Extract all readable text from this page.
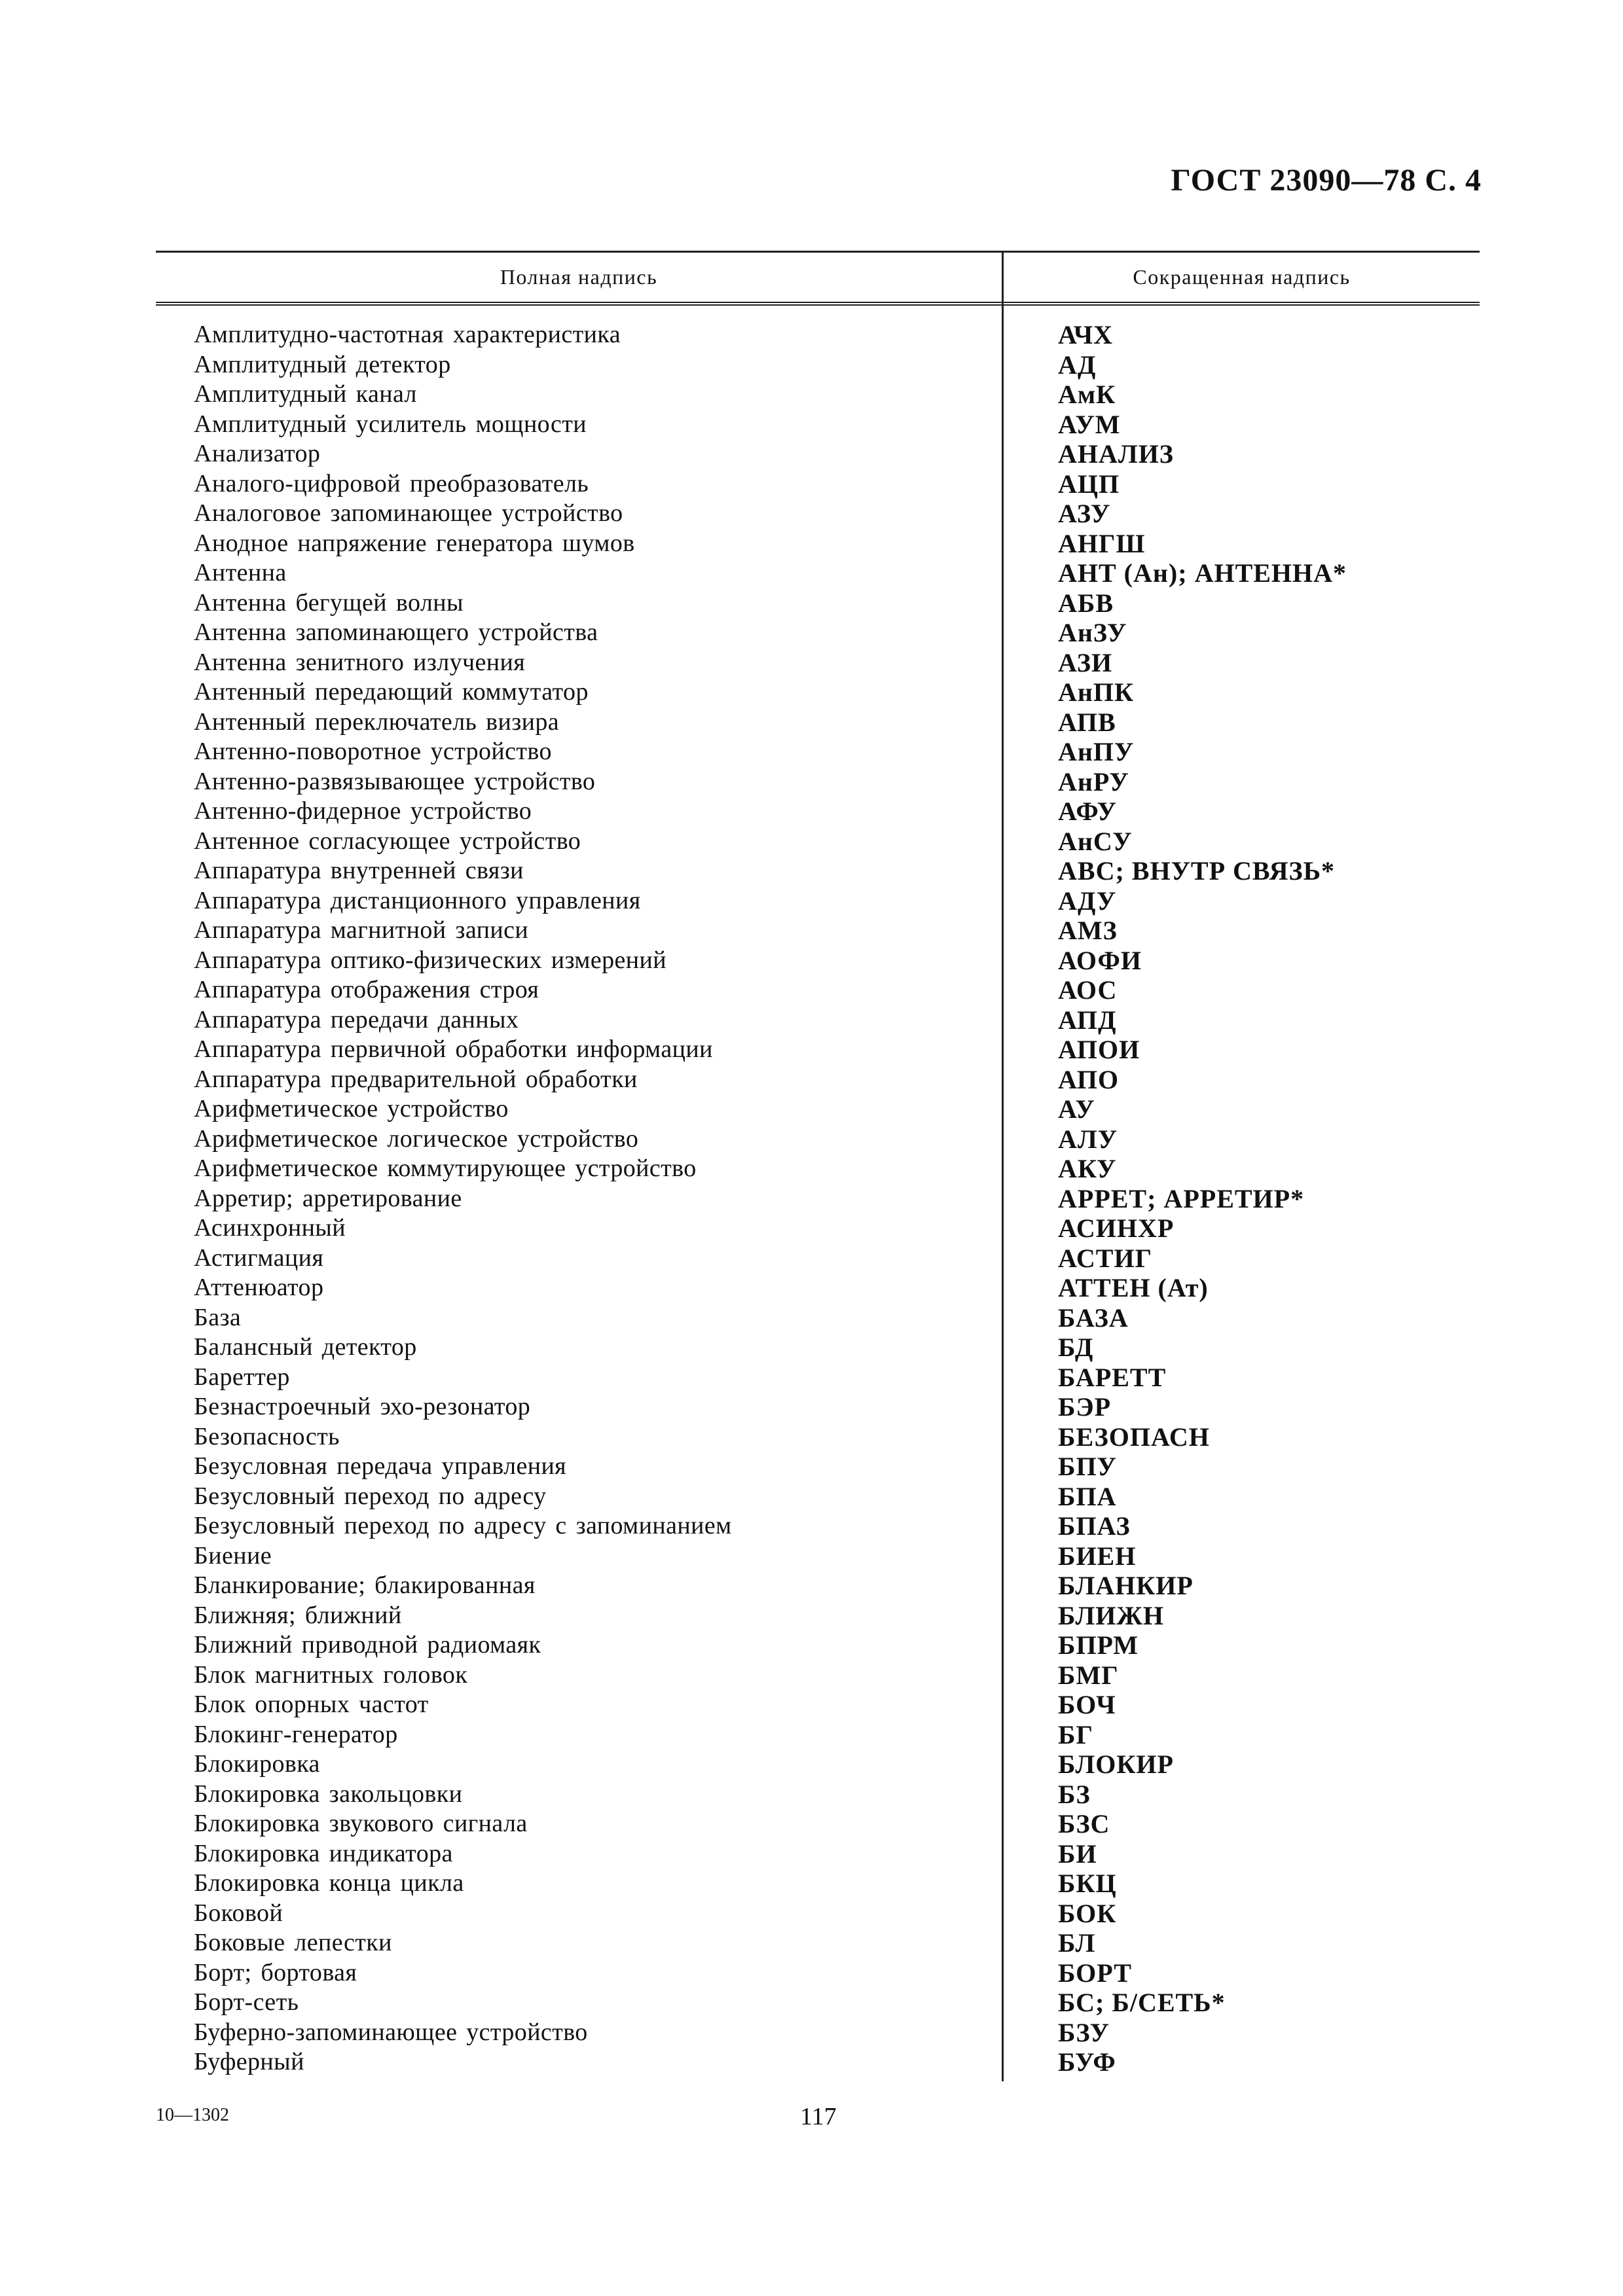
ГОСТ 23090—78 С. 4
Полная надпись	Сокращенная надпись
Амплитудно-частотная характеристика	АЧХ
Амплитудный детектор	АД
Амплитудный канал	АмК
Амплитудный усилитель мощности	АУМ
Анализатор	АНАЛИЗ
Аналого-цифровой преобразователь	АЦП
Аналоговое запоминающее устройство	АЗУ
Анодное напряжение генератора шумов	АНГШ
Антенна	АНТ (Ан); АНТЕННА*
Антенна бегущей волны	АБВ
Антенна запоминающего устройства	АнЗУ
Антенна зенитного излучения	АЗИ
Антенный передающий коммутатор	АнПК
Антенный переключатель визира	АПВ
Антенно-поворотное устройство	АнПУ
Антенно-развязывающее устройство	АнРУ
Антенно-фидерное устройство	АФУ
Антенное согласующее устройство	АнСУ
Аппаратура внутренней связи	АВС; ВНУТР СВЯЗЬ*
Аппаратура дистанционного управления	АДУ
Аппаратура магнитной записи	АМЗ
Аппаратура оптико-физических измерений	АОФИ
Аппаратура отображения строя	АОС
Аппаратура передачи данных	АПД
Аппаратура первичной обработки информации	АПОИ
Аппаратура предварительной обработки	АПО
Арифметическое устройство	АУ
Арифметическое логическое устройство	АЛУ
Арифметическое коммутирующее устройство	АКУ
Арретир; арретирование	АРРЕТ; АРРЕТИР*
Асинхронный	АСИНХР
Астигмация	АСТИГ
Аттенюатор	АТТЕН (Ат)
База	БАЗА
Балансный детектор	БД
Бареттер	БАРЕТТ
Безнастроечный эхо-резонатор	БЭР
Безопасность	БЕЗОПАСН
Безусловная передача управления	БПУ
Безусловный переход по адресу	БПА
Безусловный переход по адресу с запоминанием	БПАЗ
Биение	БИЕН
Бланкирование; блакированная	БЛАНКИР
Ближняя; ближний	БЛИЖН
Ближний приводной радиомаяк	БПРМ
Блок магнитных головок	БМГ
Блок опорных частот	БОЧ
Блокинг-генератор	БГ
Блокировка	БЛОКИР
Блокировка закольцовки	БЗ
Блокировка звукового сигнала	БЗС
Блокировка индикатора	БИ
Блокировка конца цикла	БКЦ
Боковой	БОК
Боковые лепестки	БЛ
Борт; бортовая	БОРТ
Борт-сеть	БС; Б/СЕТЬ*
Буферно-запоминающее устройство	БЗУ
Буферный	БУФ
10—1302	117
